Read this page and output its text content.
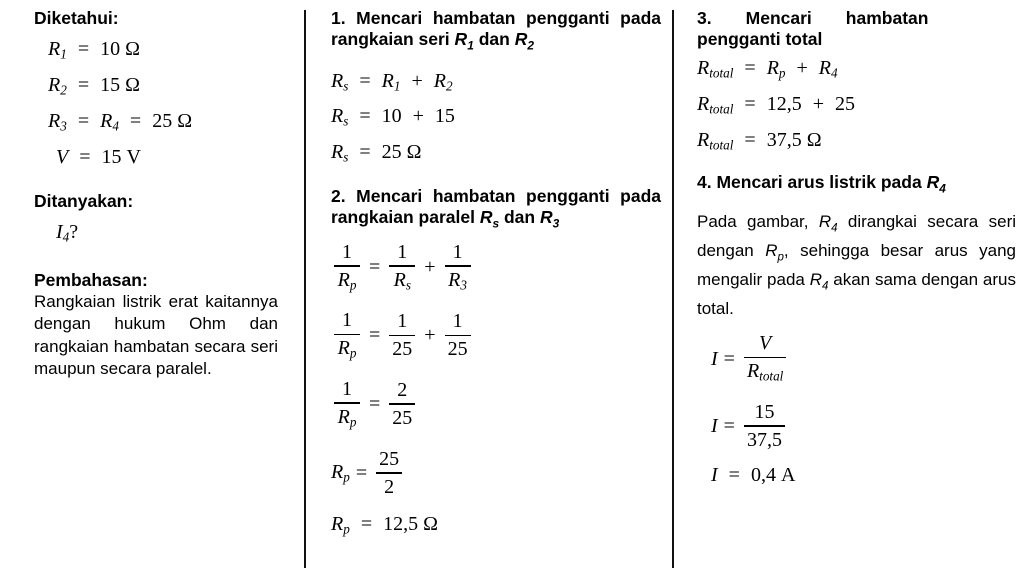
Diketahui:
$R_1 = 10$ Ω
$R_2 = 15$ Ω
$R_3 = R_4 = 25$ Ω
V = 15 V
Ditanyakan:
$I_4$?
Pembahasan:
Rangkaian listrik erat kaitannya dengan hukum Ohm dan rangkaian hambatan secara seri maupun secara paralel.
1. Mencari hambatan pengganti pada rangkaian seri $R_1$ dan $R_2$
$R_s = R_1 + R_2$
$R_s = 10 + 15$
$R_s = 25$ Ω
2. Mencari hambatan pengganti pada rangkaian paralel $R_s$ dan $R_3$
$\frac{1}{R_p} = \frac{1}{R_s} + \frac{1}{R_3}$
$\frac{1}{R_p} = \frac{1}{25} + \frac{1}{25}$
$\frac{1}{R_p} = \frac{2}{25}$
$R_p = \frac{25}{2}$
$R_p = 12,5$ Ω
3.       Mencari       hambatan
pengganti total
$R_{total} = R_p + R_4$
$R_{total} = 12,5 + 25$
$R_{total} = 37,5$ Ω
4. Mencari arus listrik pada $R_4$
Pada gambar, $R_4$ dirangkai secara seri dengan $R_p$, sehingga besar arus yang mengalir pada $R_4$ akan sama dengan arus total.
$I = \frac{V}{R_{total}}$
$I = \frac{15}{37,5}$
I = 0,4 A
